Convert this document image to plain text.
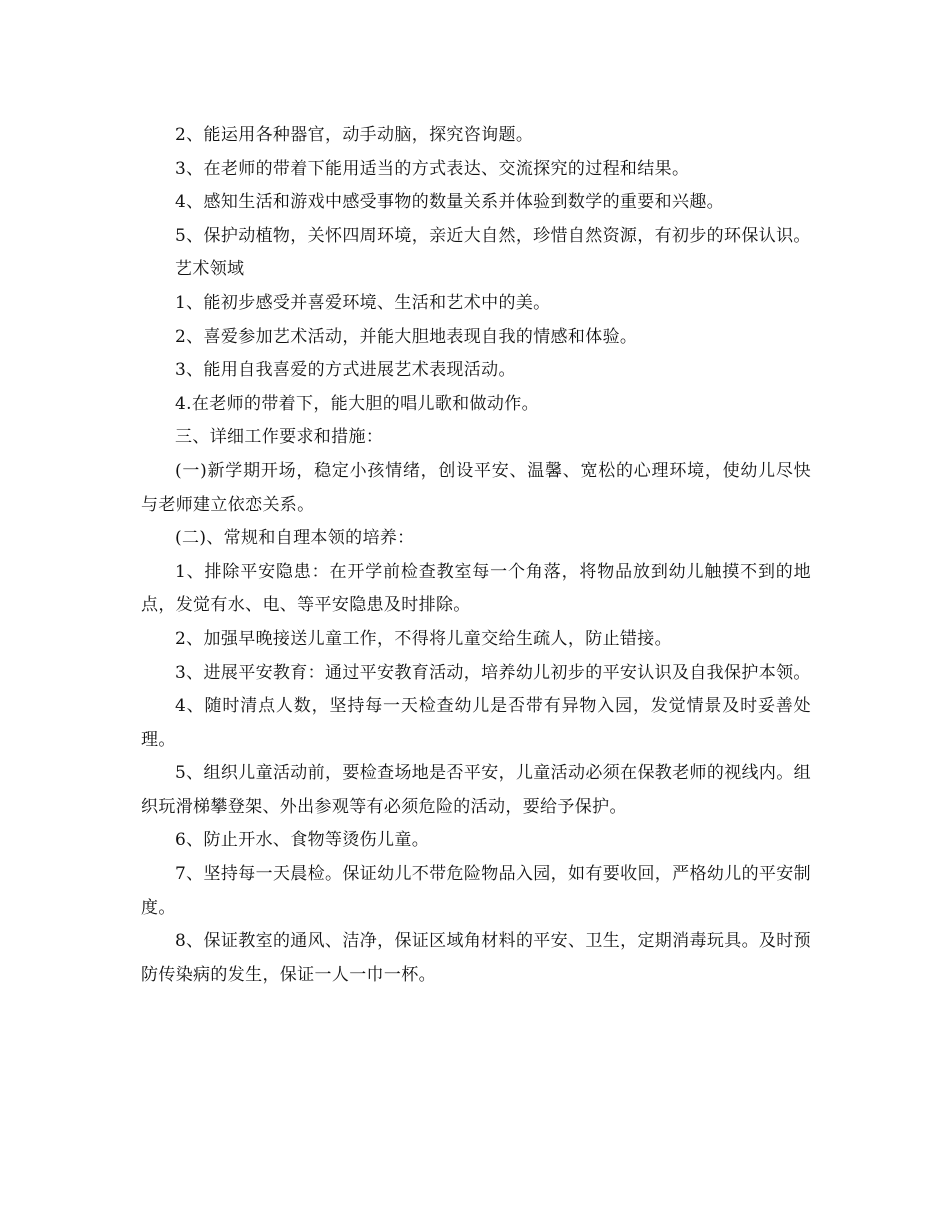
2、能运用各种器官，动手动脑，探究咨询题。

3、在老师的带着下能用适当的方式表达、交流探究的过程和结果。

4、感知生活和游戏中感受事物的数量关系并体验到数学的重要和兴趣。

5、保护动植物，关怀四周环境，亲近大自然，珍惜自然资源，有初步的环保认识。

艺术领域

1、能初步感受并喜爱环境、生活和艺术中的美。

2、喜爱参加艺术活动，并能大胆地表现自我的情感和体验。

3、能用自我喜爱的方式进展艺术表现活动。

4.在老师的带着下，能大胆的唱儿歌和做动作。

三、详细工作要求和措施：

(一)新学期开场，稳定小孩情绪，创设平安、温馨、宽松的心理环境，使幼儿尽快与老师建立依恋关系。

(二)、常规和自理本领的培养：

1、排除平安隐患：在开学前检查教室每一个角落，将物品放到幼儿触摸不到的地点，发觉有水、电、等平安隐患及时排除。

2、加强早晚接送儿童工作，不得将儿童交给生疏人，防止错接。

3、进展平安教育：通过平安教育活动，培养幼儿初步的平安认识及自我保护本领。

4、随时清点人数，坚持每一天检查幼儿是否带有异物入园，发觉情景及时妥善处理。

5、组织儿童活动前，要检查场地是否平安，儿童活动必须在保教老师的视线内。组织玩滑梯攀登架、外出参观等有必须危险的活动，要给予保护。

6、防止开水、食物等烫伤儿童。

7、坚持每一天晨检。保证幼儿不带危险物品入园，如有要收回，严格幼儿的平安制度。

8、保证教室的通风、洁净，保证区域角材料的平安、卫生，定期消毒玩具。及时预防传染病的发生，保证一人一巾一杯。
